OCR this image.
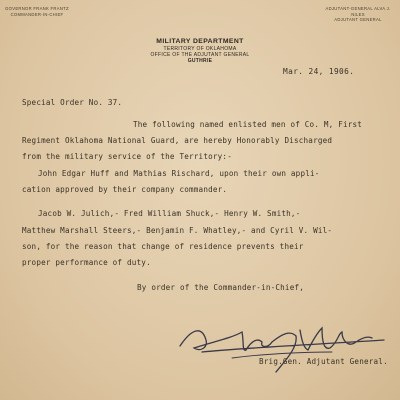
GOVERNOR FRANK FRANTZ
COMMANDER-IN-CHIEF
ADJUTANT-GENERAL ALVA J. NILES
ADJUTANT GENERAL
MILITARY DEPARTMENT
TERRITORY OF OKLAHOMA
OFFICE OF THE ADJUTANT GENERAL
GUTHRIE
Mar. 24, 1906.
Special Order No. 37.
The following named enlisted men of Co. M, First
Regiment Oklahoma National Guard, are hereby Honorably Discharged
from the military service of the Territory:-
John Edgar Huff and Mathias Rischard, upon their own appli-
cation approved by their company commander.
Jacob W. Julich,- Fred William Shuck,- Henry W. Smith,-
Matthew Marshall Steers,- Benjamin F. Whatley,- and Cyril V. Wil-
son, for the reason that change of residence prevents their
proper performance of duty.
By order of the Commander-in-Chief,
Brig.Gen. Adjutant General.
